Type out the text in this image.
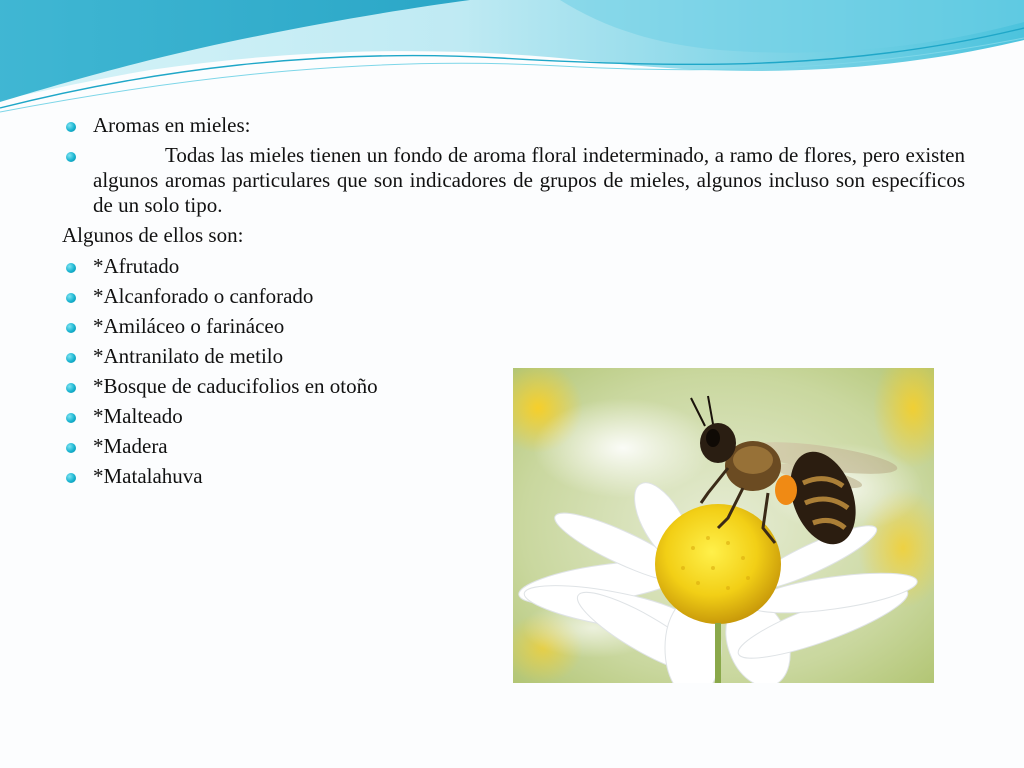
Aromas en mieles:
Todas las mieles tienen un fondo de aroma floral indeterminado, a ramo de flores, pero existen algunos aromas particulares que son indicadores de grupos de mieles, algunos incluso son específicos de un solo tipo.
Algunos de ellos son:
*Afrutado
*Alcanforado o canforado
*Amiláceo o farináceo
*Antranilato de metilo
*Bosque de caducifolios en otoño
*Malteado
*Madera
*Matalahuva
